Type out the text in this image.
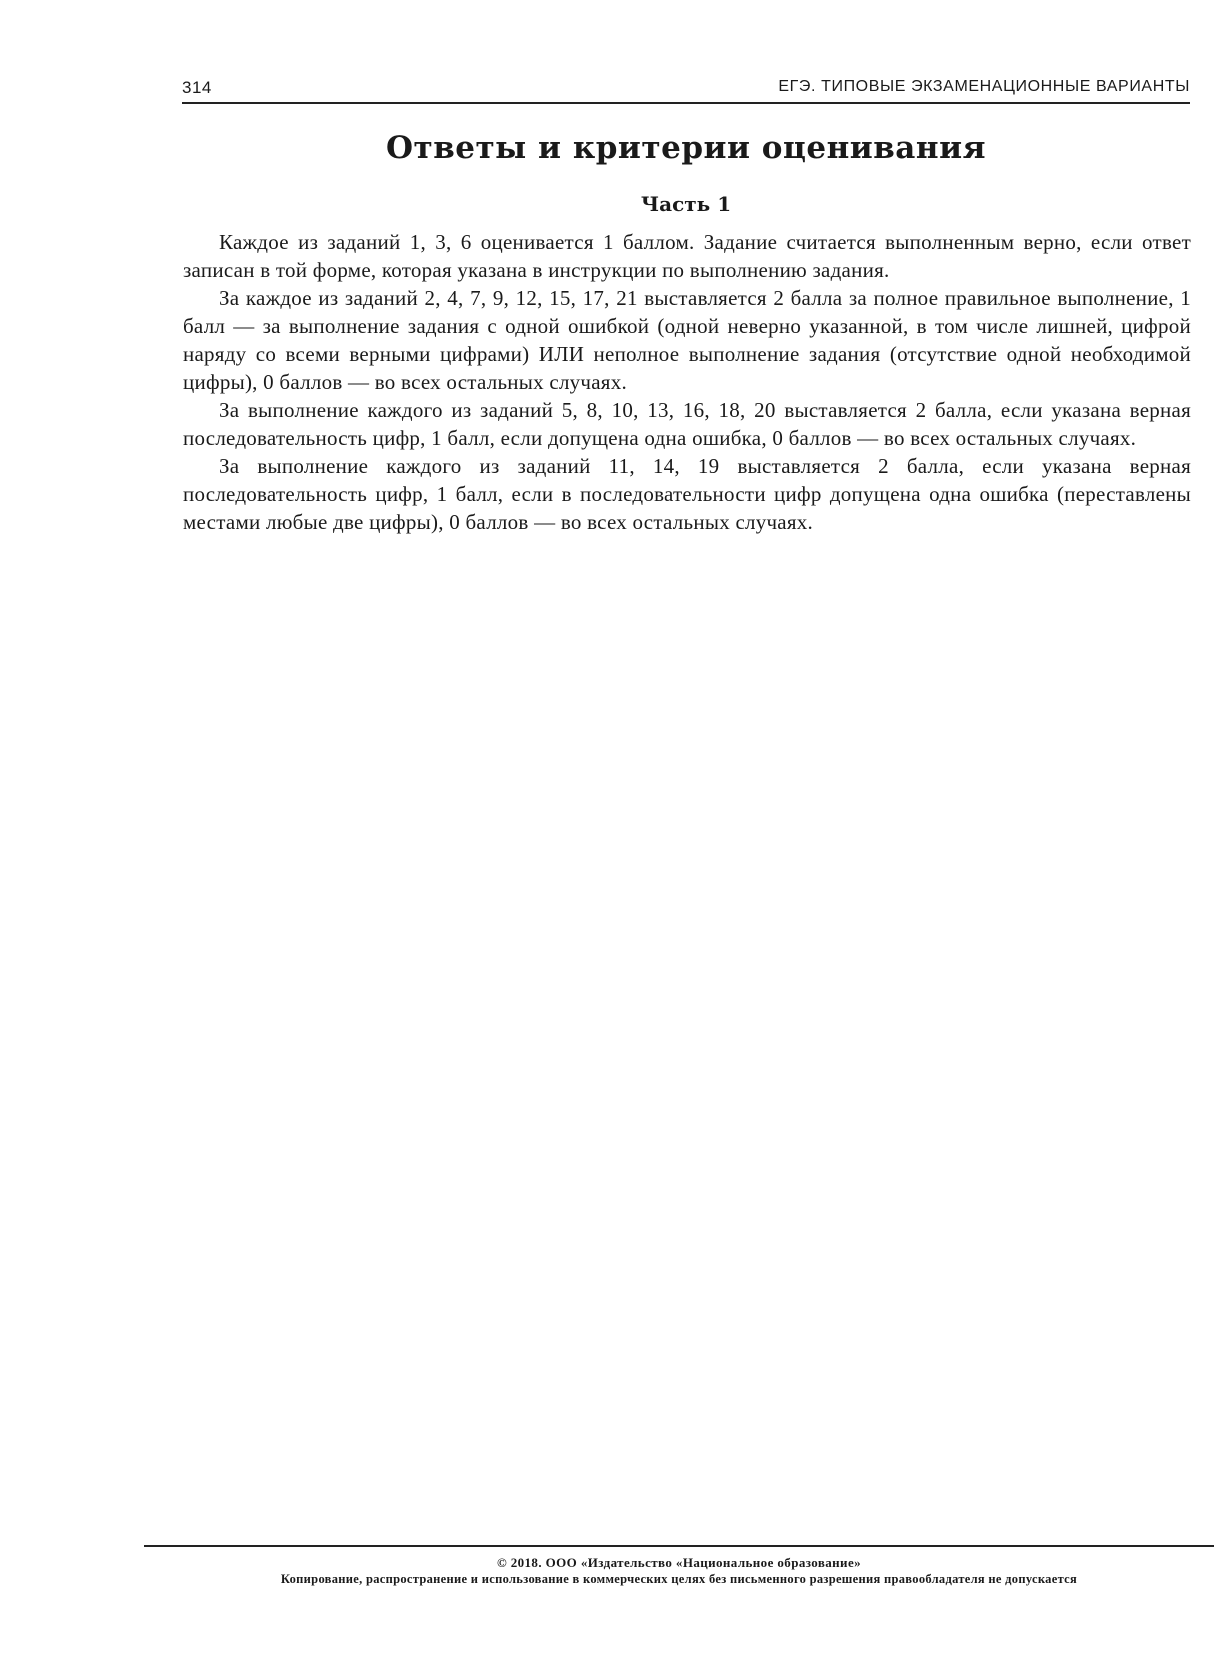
314	ЕГЭ. ТИПОВЫЕ ЭКЗАМЕНАЦИОННЫЕ ВАРИАНТЫ
Ответы и критерии оценивания
Часть 1

Каждое из заданий 1, 3, 6 оценивается 1 баллом. Задание считается выполненным верно, если ответ записан в той форме, которая указана в инструкции по выполнению задания.

За каждое из заданий 2, 4, 7, 9, 12, 15, 17, 21 выставляется 2 балла за полное правильное выполнение, 1 балл — за выполнение задания с одной ошибкой (одной неверно указанной, в том числе лишней, цифрой наряду со всеми верными цифрами) ИЛИ неполное выполнение задания (отсутствие одной необходимой цифры), 0 баллов — во всех остальных случаях.

За выполнение каждого из заданий 5, 8, 10, 13, 16, 18, 20 выставляется 2 балла, если указана верная последовательность цифр, 1 балл, если допущена одна ошибка, 0 баллов — во всех остальных случаях.

За выполнение каждого из заданий 11, 14, 19 выставляется 2 балла, если указана верная последовательность цифр, 1 балл, если в последовательности цифр допущена одна ошибка (переставлены местами любые две цифры), 0 баллов — во всех остальных случаях.

© 2018. ООО «Издательство «Национальное образование»
Копирование, распространение и использование в коммерческих целях без письменного разрешения правообладателя не допускается
